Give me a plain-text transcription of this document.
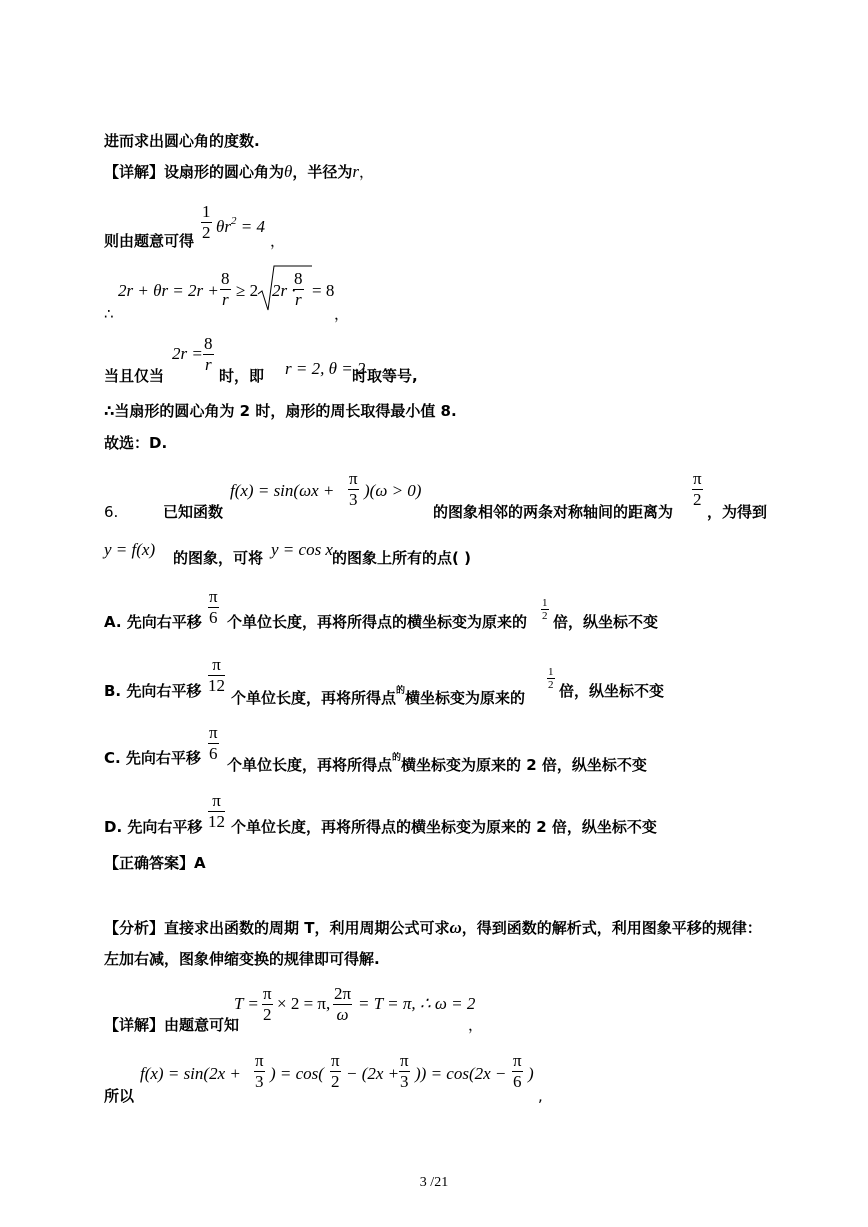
进而求出圆心角的度数.
【详解】设扇形的圆心角为θ，半径为r，
则由题意可得 $\frac{1}{2} \theta r^2 = 4$
，
∴
$2r + \theta r = 2r + \frac{8}{r} \ge 2$ 2r ·
$\frac{8}{r} = 8$
，
当且仅当
$2r = \frac{8}{r}$
时，即 r = 2, θ = 2
时取等号,
∴当扇形的圆心角为 2 时，扇形的周长取得最小值 8.
故选：D.
6.	已知函数
$f(x) = \sin(\omega x + \frac{\pi}{3} )(\omega > 0)$
的图象相邻的两条对称轴间的距离为
$\frac{\pi}{2}$
，为得到
y = f(x) 的图象，可将 y = cos x 的图象上所有的点( )
A. 先向右平移 $\frac{\pi}{6}$ 个单位长度，再将所得点的横坐标变为原来的 $\frac{1}{2}$ 倍，纵坐标不变
B. 先向右平移 $\frac{\pi}{12}$
个单位长度，再将所得点$^的$横坐标变为原来的
$\frac{1}{2}$ 倍，纵坐标不变
C. 先向右平移 $\frac{\pi}{6}$
个单位长度，再将所得点$^的$横坐标变为原来的 2 倍，纵坐标不变
D. 先向右平移 $\frac{\pi}{12}$ 个单位长度，再将所得点的横坐标变为原来的 2 倍，纵坐标不变
【正确答案】A
【分析】直接求出函数的周期 T，利用周期公式可求ω，得到函数的解析式，利用图象平移的规律：
左加右减，图象伸缩变换的规律即可得解.
【详解】由题意可知
$T = \frac{\pi}{2} \times 2 = \pi$, $\frac{2\pi}{\omega} = T = \pi$, ∴ ω = 2
，
所以
$f(x) = \sin(2x + \frac{\pi}{3}$ ) = $\cos( \frac{\pi}{2} - (2x + \frac{\pi}{3}$ )) = $\cos(2x - \frac{\pi}{6}$ )
,
3 /21
